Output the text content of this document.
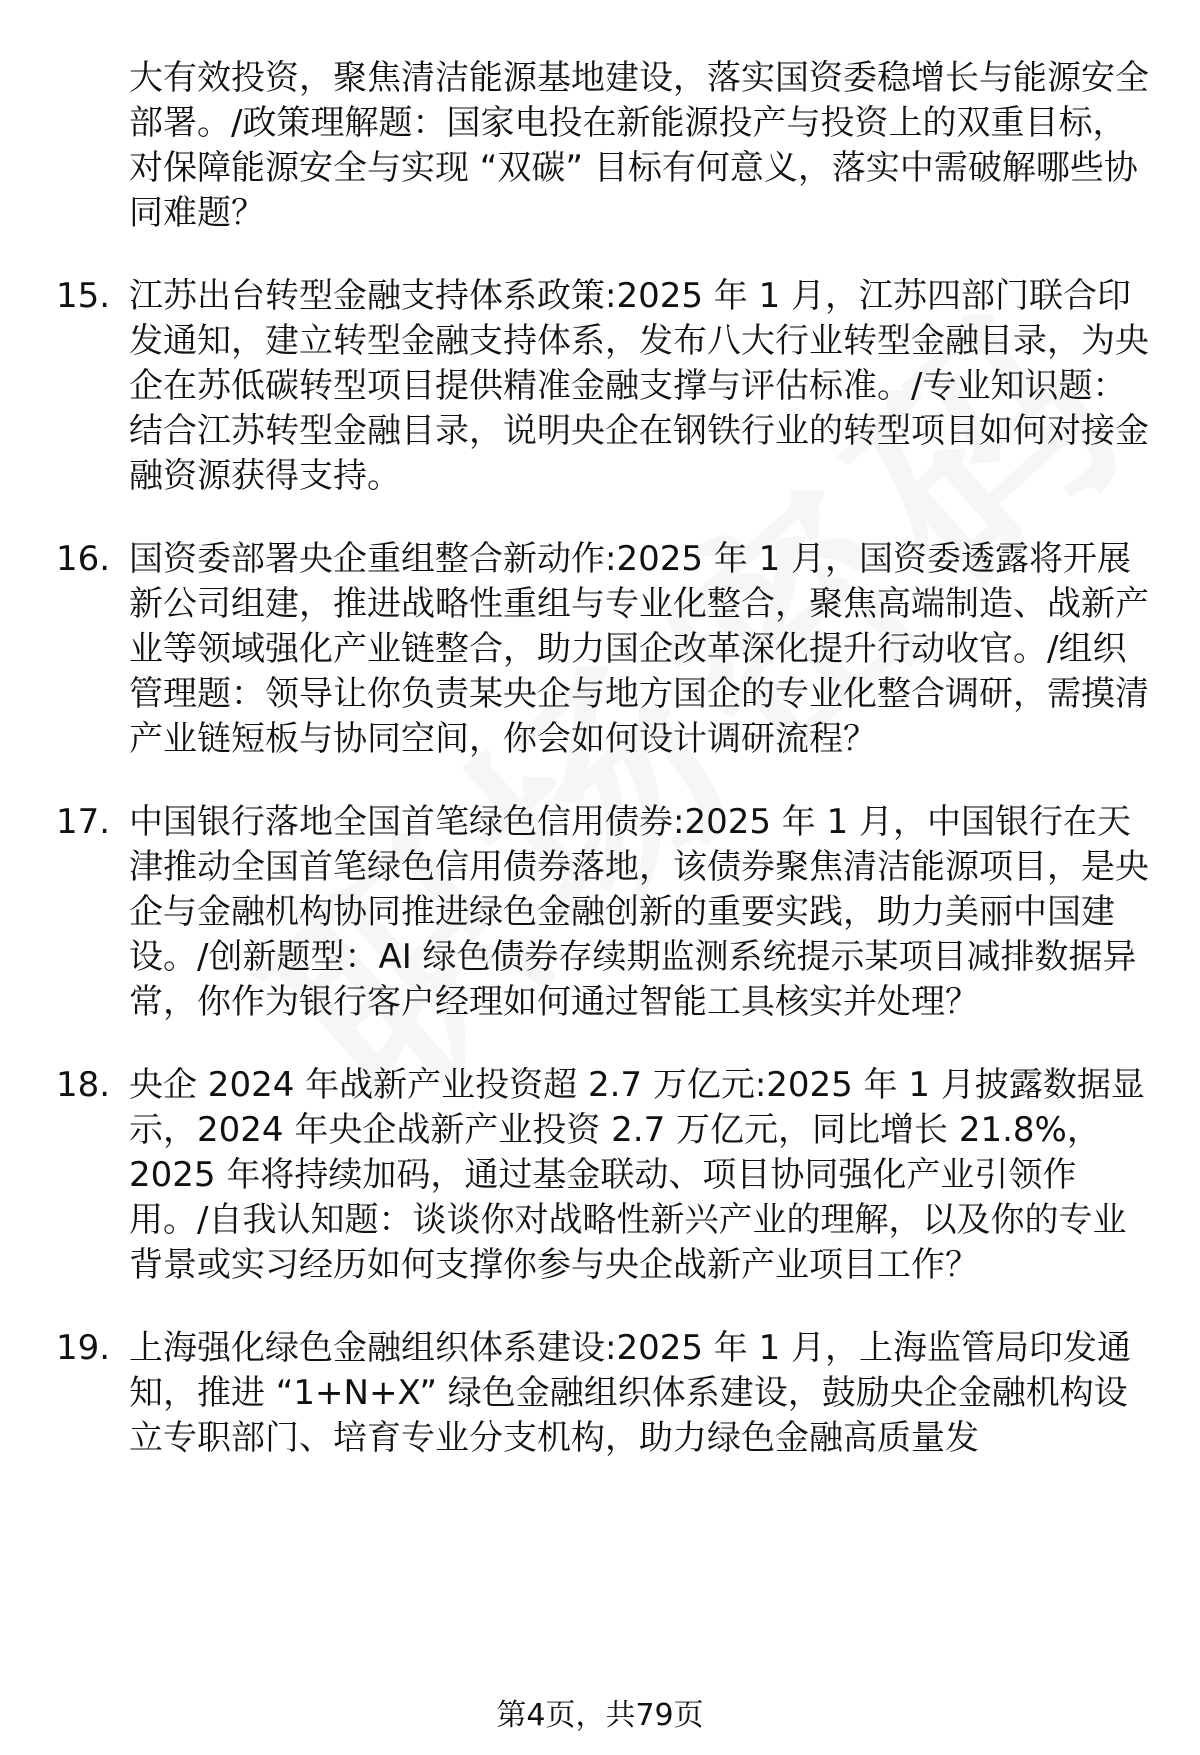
大有效投资，聚焦清洁能源基地建设，落实国资委稳增长与能源安全部署。/政策理解题：国家电投在新能源投产与投资上的双重目标，对保障能源安全与实现 “双碳” 目标有何意义，落实中需破解哪些协同难题？
15. 江苏出台转型金融支持体系政策:2025 年 1 月，江苏四部门联合印发通知，建立转型金融支持体系，发布八大行业转型金融目录，为央企在苏低碳转型项目提供精准金融支撑与评估标准。/专业知识题：结合江苏转型金融目录，说明央企在钢铁行业的转型项目如何对接金融资源获得支持。
16. 国资委部署央企重组整合新动作:2025 年 1 月，国资委透露将开展新公司组建，推进战略性重组与专业化整合，聚焦高端制造、战新产业等领域强化产业链整合，助力国企改革深化提升行动收官。/组织管理题：领导让你负责某央企与地方国企的专业化整合调研，需摸清产业链短板与协同空间，你会如何设计调研流程？
17. 中国银行落地全国首笔绿色信用债券:2025 年 1 月，中国银行在天津推动全国首笔绿色信用债券落地，该债券聚焦清洁能源项目，是央企与金融机构协同推进绿色金融创新的重要实践，助力美丽中国建设。/创新题型：AI 绿色债券存续期监测系统提示某项目减排数据异常，你作为银行客户经理如何通过智能工具核实并处理？
18. 央企 2024 年战新产业投资超 2.7 万亿元:2025 年 1 月披露数据显示，2024 年央企战新产业投资 2.7 万亿元，同比增长 21.8%，2025 年将持续加码，通过基金联动、项目协同强化产业引领作用。/自我认知题：谈谈你对战略性新兴产业的理解，以及你的专业背景或实习经历如何支撑你参与央企战新产业项目工作？
19. 上海强化绿色金融组织体系建设:2025 年 1 月，上海监管局印发通知，推进 “1+N+X” 绿色金融组织体系建设，鼓励央企金融机构设立专职部门、培育专业分支机构，助力绿色金融高质量发
第4页，共79页
